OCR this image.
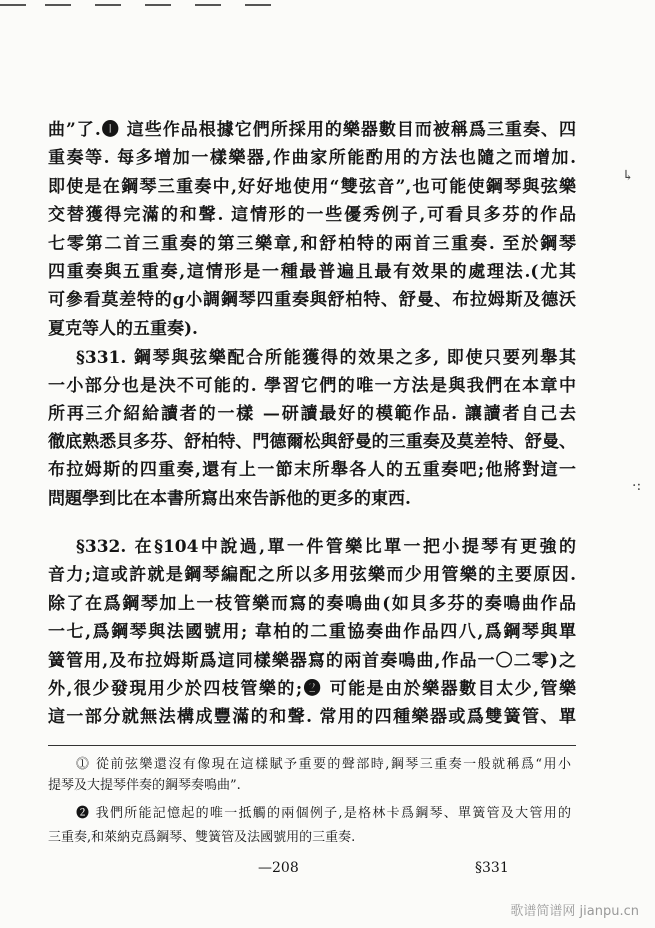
曲”了.❶ 這些作品根據它們所採用的樂器數目而被稱爲三重奏、四
重奏等. 每多增加一樣樂器,作曲家所能酌用的方法也隨之而增加.
即使是在鋼琴三重奏中,好好地使用“雙弦音”,也可能使鋼琴與弦樂
交替獲得完滿的和聲. 這情形的一些優秀例子,可看貝多芬的作品
七零第二首三重奏的第三樂章,和舒柏特的兩首三重奏. 至於鋼琴
四重奏與五重奏,這情形是一種最普遍且最有效果的處理法.(尤其
可參看莫差特的g小調鋼琴四重奏與舒柏特、舒曼、布拉姆斯及德沃
夏克等人的五重奏).
§331. 鋼琴與弦樂配合所能獲得的效果之多, 即使只要列舉其
一小部分也是決不可能的. 學習它們的唯一方法是與我們在本章中
所再三介紹給讀者的一樣 —研讀最好的模範作品. 讓讀者自己去
徹底熟悉貝多芬、舒柏特、門德爾松與舒曼的三重奏及莫差特、舒曼、
布拉姆斯的四重奏,還有上一節末所舉各人的五重奏吧;他將對這一
問題學到比在本書所寫出來告訴他的更多的東西.
§332. 在§104中說過,單一件管樂比單一把小提琴有更強的
音力;這或許就是鋼琴編配之所以多用弦樂而少用管樂的主要原因.
除了在爲鋼琴加上一枝管樂而寫的奏鳴曲(如貝多芬的奏鳴曲作品
一七,爲鋼琴與法國號用; 韋柏的二重協奏曲作品四八,爲鋼琴與單
簧管用,及布拉姆斯爲這同樣樂器寫的兩首奏鳴曲,作品一〇二零)之
外,很少發現用少於四枝管樂的;❷ 可能是由於樂器數目太少,管樂
這一部分就無法構成豐滿的和聲. 常用的四種樂器或爲雙簧管、單
⓵ 從前弦樂還沒有像現在這樣賦予重要的聲部時,鋼琴三重奏一般就稱爲“用小
提琴及大提琴伴奏的鋼琴奏鳴曲”.
❷ 我們所能記憶起的唯一抵觸的兩個例子,是格林卡爲鋼琴、單簧管及大管用的
三重奏,和萊納克爲鋼琴、雙簧管及法國號用的三重奏.
—208	§331
↳
·:
歌谱简谱网 jianpu.cn
